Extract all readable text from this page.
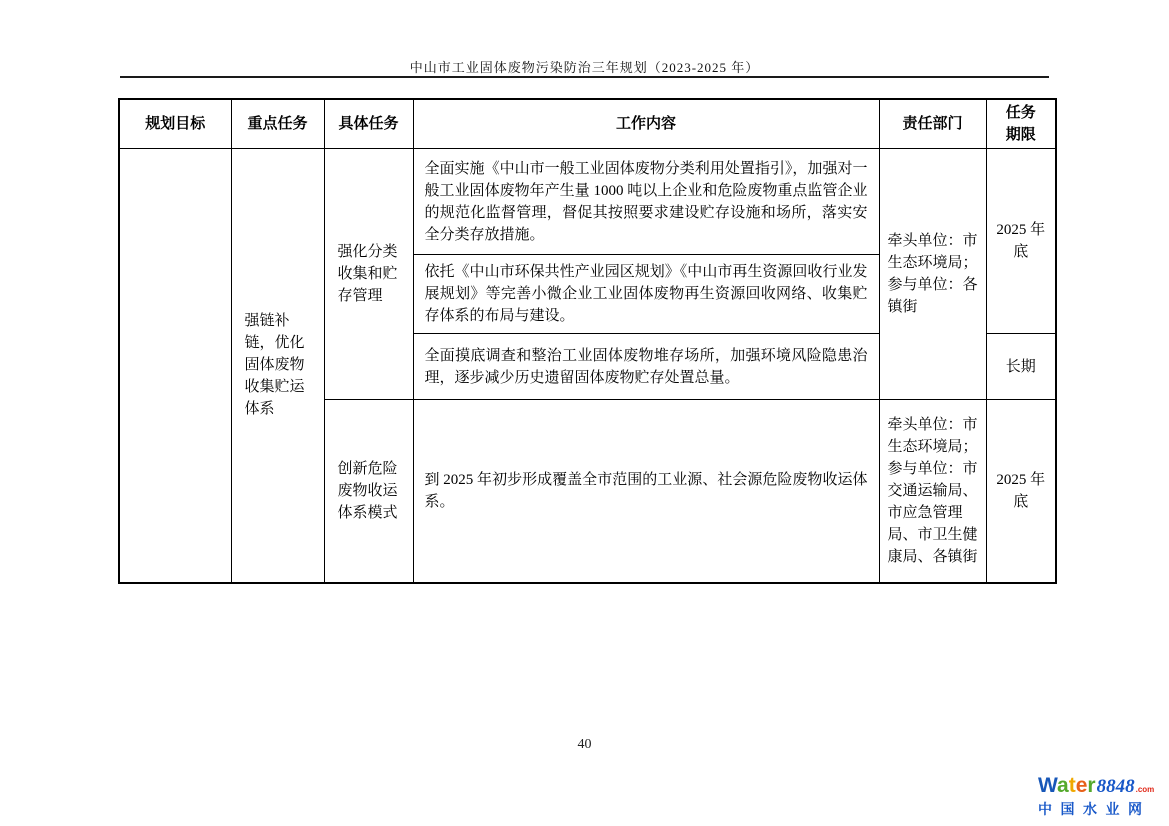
中山市工业固体废物污染防治三年规划（2023-2025 年）
规划目标	重点任务	具体任务	工作内容	责任部门	任务期限
	强链补链，优化固体废物收集贮运体系	强化分类收集和贮存管理	全面实施《中山市一般工业固体废物分类利用处置指引》，加强对一般工业固体废物年产生量 1000 吨以上企业和危险废物重点监管企业的规范化监督管理，督促其按照要求建设贮存设施和场所，落实安全分类存放措施。	牵头单位：市生态环境局；参与单位：各镇街	2025 年底
			依托《中山市环保共性产业园区规划》《中山市再生资源回收行业发展规划》等完善小微企业工业固体废物再生资源回收网络、收集贮存体系的布局与建设。		
			全面摸底调查和整治工业固体废物堆存场所，加强环境风险隐患治理，逐步减少历史遗留固体废物贮存处置总量。		长期
		创新危险废物收运体系模式	到 2025 年初步形成覆盖全市范围的工业源、社会源危险废物收运体系。	牵头单位：市生态环境局；参与单位：市交通运输局、市应急管理局、市卫生健康局、各镇街	2025 年底
40
Water 8848 .com
中国水业网
